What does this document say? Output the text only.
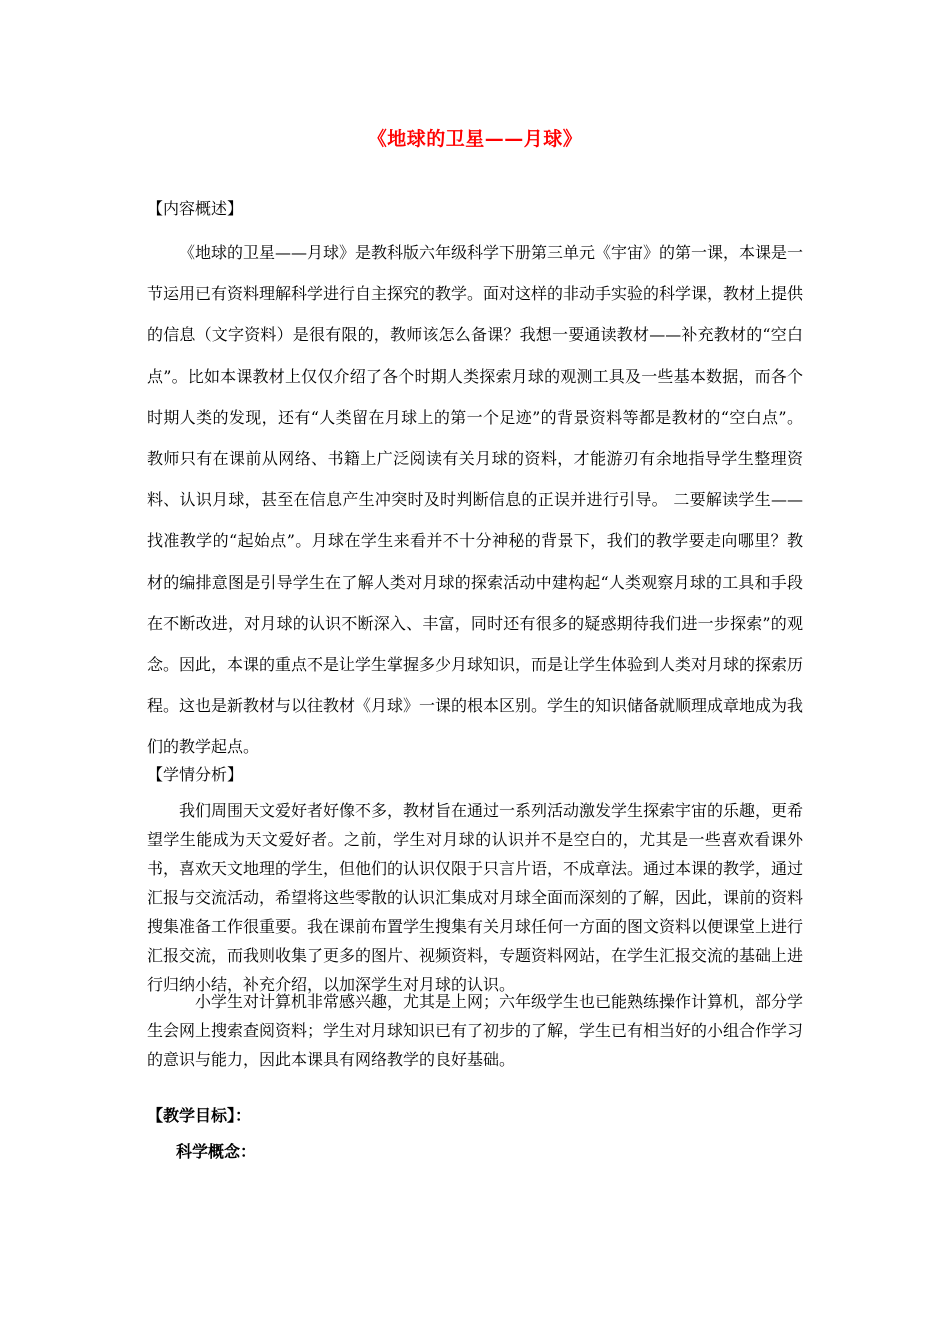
《地球的卫星——月球》
【内容概述】

《地球的卫星——月球》是教科版六年级科学下册第三单元《宇宙》的第一课，本课是一节运用已有资料理解科学进行自主探究的教学。面对这样的非动手实验的科学课，教材上提供的信息（文字资料）是很有限的，教师该怎么备课？我想一要通读教材——补充教材的“空白点”。比如本课教材上仅仅介绍了各个时期人类探索月球的观测工具及一些基本数据，而各个时期人类的发现，还有“人类留在月球上的第一个足迹”的背景资料等都是教材的“空白点”。教师只有在课前从网络、书籍上广泛阅读有关月球的资料，才能游刃有余地指导学生整理资料、认识月球，甚至在信息产生冲突时及时判断信息的正误并进行引导。 二要解读学生——找准教学的“起始点”。月球在学生来看并不十分神秘的背景下，我们的教学要走向哪里？教材的编排意图是引导学生在了解人类对月球的探索活动中建构起“人类观察月球的工具和手段在不断改进，对月球的认识不断深入、丰富，同时还有很多的疑惑期待我们进一步探索”的观念。因此，本课的重点不是让学生掌握多少月球知识，而是让学生体验到人类对月球的探索历程。这也是新教材与以往教材《月球》一课的根本区别。学生的知识储备就顺理成章地成为我们的教学起点。

【学情分析】

我们周围天文爱好者好像不多，教材旨在通过一系列活动激发学生探索宇宙的乐趣，更希望学生能成为天文爱好者。之前，学生对月球的认识并不是空白的，尤其是一些喜欢看课外书，喜欢天文地理的学生，但他们的认识仅限于只言片语，不成章法。通过本课的教学，通过汇报与交流活动，希望将这些零散的认识汇集成对月球全面而深刻的了解，因此，课前的资料搜集准备工作很重要。我在课前布置学生搜集有关月球任何一方面的图文资料以便课堂上进行汇报交流，而我则收集了更多的图片、视频资料，专题资料网站，在学生汇报交流的基础上进行归纳小结，补充介绍，以加深学生对月球的认识。

小学生对计算机非常感兴趣，尤其是上网；六年级学生也已能熟练操作计算机，部分学生会网上搜索查阅资料；学生对月球知识已有了初步的了解，学生已有相当好的小组合作学习的意识与能力，因此本课具有网络教学的良好基础。

【教学目标】：
科学概念：
